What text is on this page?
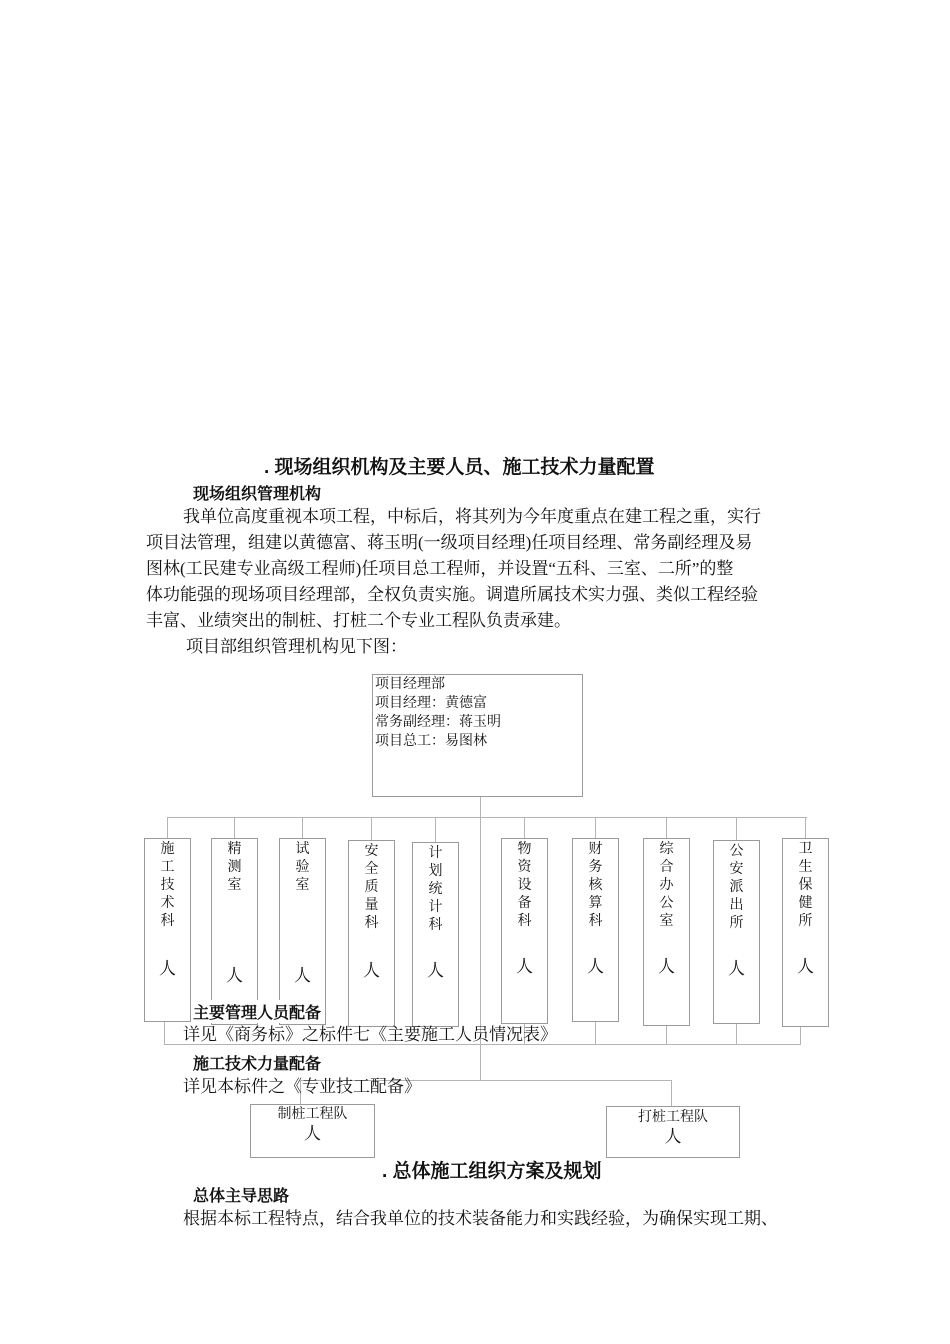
. 现场组织机构及主要人员、施工技术力量配置
现场组织管理机构
我单位高度重视本项工程，中标后，将其列为今年度重点在建工程之重，实行
项目法管理，组建以黄德富、蒋玉明(一级项目经理)任项目经理、常务副经理及易
图林(工民建专业高级工程师)任项目总工程师，并设置“五科、三室、二所”的整
体功能强的现场项目经理部，全权负责实施。调遣所属技术实力强、类似工程经验
丰富、业绩突出的制桩、打桩二个专业工程队负责承建。
项目部组织管理机构见下图：
项目经理部
项目经理：黄德富
常务副经理：蒋玉明
项目总工：易图林
施
工
技
术
科
人
精
测
室
人
试
验
室
人
安
全
质
量
科
人
计
划
统
计
科
人
物
资
设
备
科
人
财
务
核
算
科
人
综
合
办
公
室
人
公
安
派
出
所
人
卫
生
保
健
所
人
主要管理人员配备
详见《商务标》之标件七《主要施工人员情况表》
施工技术力量配备
详见本标件之《专业技工配备》
制桩工程队
人
打桩工程队
人
. 总体施工组织方案及规划
总体主导思路
根据本标工程特点，结合我单位的技术装备能力和实践经验，为确保实现工期、
